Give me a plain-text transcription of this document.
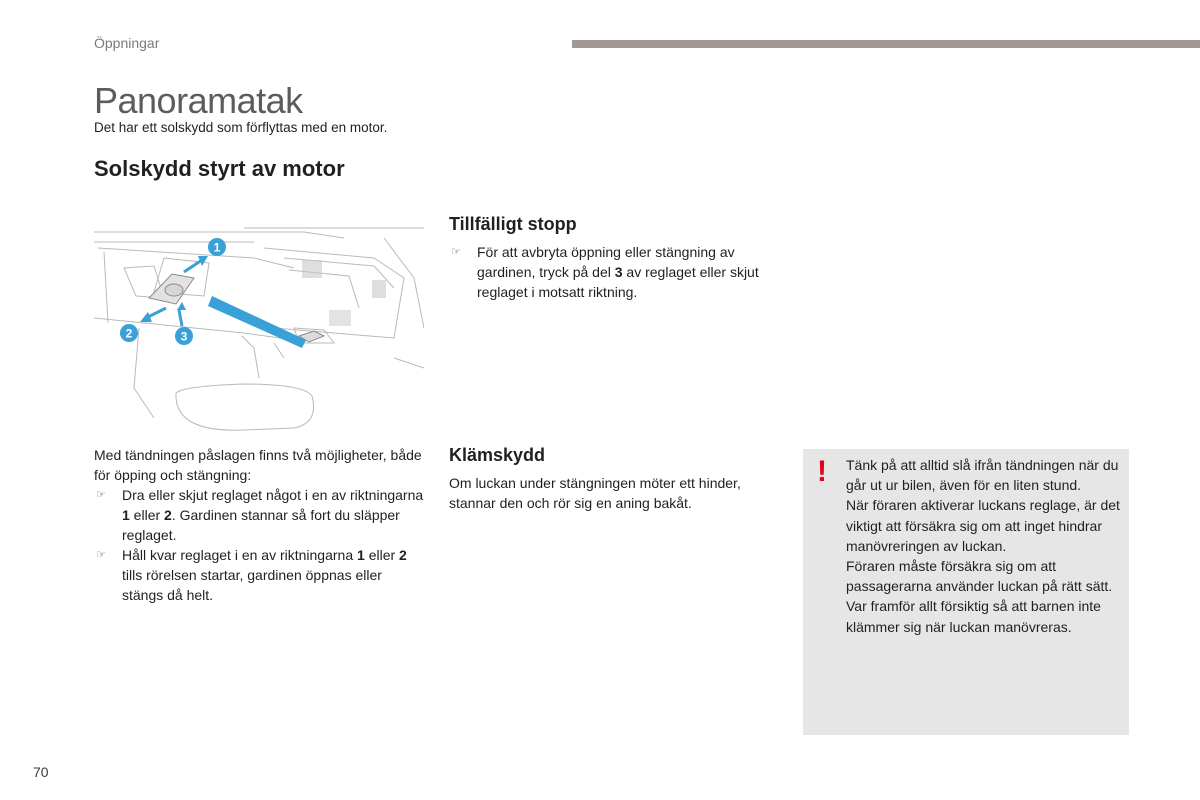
Öppningar
Panoramatak
Det har ett solskydd som förflyttas med en motor.
Solskydd styrt av motor
1
2	3

Med tändningen påslagen finns två möjligheter, både för öpping och stängning:

☞ Dra eller skjut reglaget något i en av riktningarna 1 eller 2. Gardinen stannar så fort du släpper reglaget.
☞ Håll kvar reglaget i en av riktningarna 1 eller 2 tills rörelsen startar, gardinen öppnas eller stängs då helt.
Tillfälligt stopp
☞ För att avbryta öppning eller stängning av gardinen, tryck på del 3 av reglaget eller skjut reglaget i motsatt riktning.
Klämskydd

Om luckan under stängningen möter ett hinder, stannar den och rör sig en aning bakåt.

! Tänk på att alltid slå ifrån tändningen när du går ut ur bilen, även för en liten stund.

När föraren aktiverar luckans reglage, är det viktigt att försäkra sig om att inget hindrar manövreringen av luckan.

Föraren måste försäkra sig om att passagerarna använder luckan på rätt sätt.

Var framför allt försiktig så att barnen inte klämmer sig när luckan manövreras.

70
